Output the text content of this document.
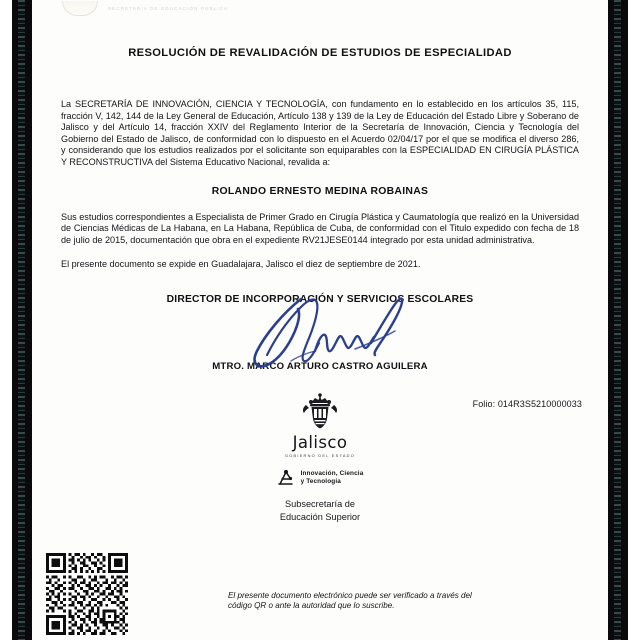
SECRETARÍA DE EDUCACIÓN PÚBLICA
RESOLUCIÓN DE REVALIDACIÓN DE ESTUDIOS DE ESPECIALIDAD
La SECRETARÍA DE INNOVACIÓN, CIENCIA Y TECNOLOGÍA, con fundamento en lo establecido en los artículos 35, 115, fracción V, 142, 144 de la Ley General de Educación, Artículo 138 y 139 de la Ley de Educación del Estado Libre y Soberano de Jalisco y del Artículo 14, fracción XXIV del Reglamento Interior de la Secretaría de Innovación, Ciencia y Tecnología del Gobierno del Estado de Jalisco, de conformidad con lo dispuesto en el Acuerdo 02/04/17 por el que se modifica el diverso 286, y considerando que los estudios realizados por el solicitante son equiparables con la ESPECIALIDAD EN CIRUGÍA PLÁSTICA Y RECONSTRUCTIVA del Sistema Educativo Nacional, revalida a:
ROLANDO ERNESTO MEDINA ROBAINAS
Sus estudios correspondientes a Especialista de Primer Grado en Cirugía Plástica y Caumatología que realizó en la Universidad de Ciencias Médicas de La Habana, en La Habana, República de Cuba, de conformidad con el Titulo expedido con fecha de 18 de julio de 2015, documentación que obra en el expediente RV21JESE0144 integrado por esta unidad administrativa.
El presente documento se expide en Guadalajara, Jalisco el diez de septiembre de 2021.
DIRECTOR DE INCORPORACIÓN Y SERVICIOS ESCOLARES
MTRO. MARCO ARTURO CASTRO AGUILERA
Folio: 014R3S5210000033
Jalisco
GOBIERNO DEL ESTADO
Innovación, Ciencia
y Tecnología
Subsecretaría de
Educación Superior
El presente documento electrónico puede ser verificado a través del
código QR o ante la autoridad que lo suscribe.
